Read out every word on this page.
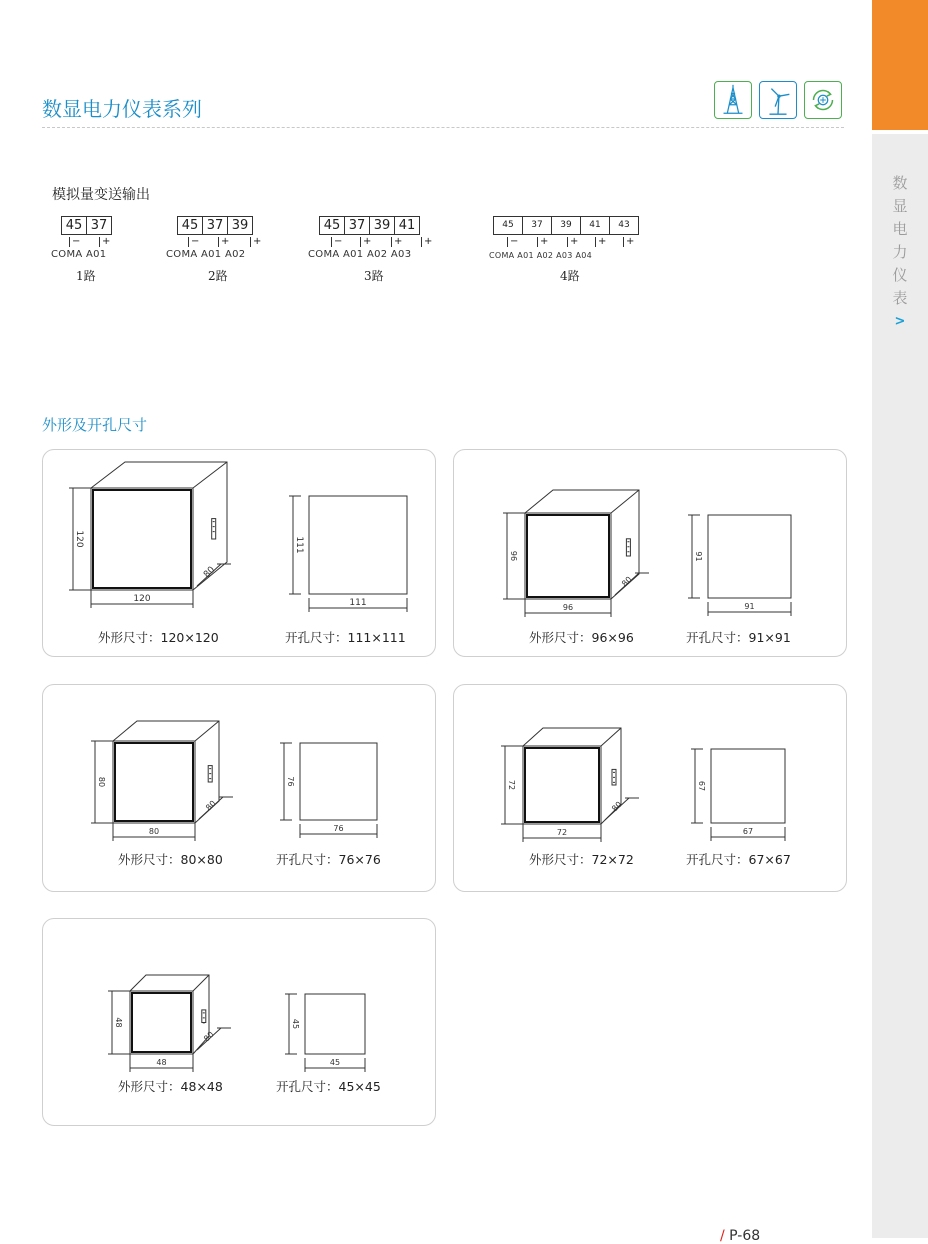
数
显
电
力
仪
表
>
数显电力仪表系列
模拟量变送输出
45 37
− +
COMA A01
1路
45 37 39
− + +
COMA A01 A02
2路
45 37 39 41
− + + +
COMA A01 A02 A03
3路
45	37	39	41	43
− + + + +
COMA A01 A02 A03 A04
4路
外形及开孔尺寸
120
120
80
111
111
外形尺寸：120×120	开孔尺寸：111×111
96
96
80
91
91
外形尺寸：96×96	开孔尺寸：91×91
80
80
80
76
76
外形尺寸：80×80	开孔尺寸：76×76
72
72
80
67
67
外形尺寸：72×72	开孔尺寸：67×67
48
48
80
45
45
外形尺寸：48×48	开孔尺寸：45×45
/ P-68
